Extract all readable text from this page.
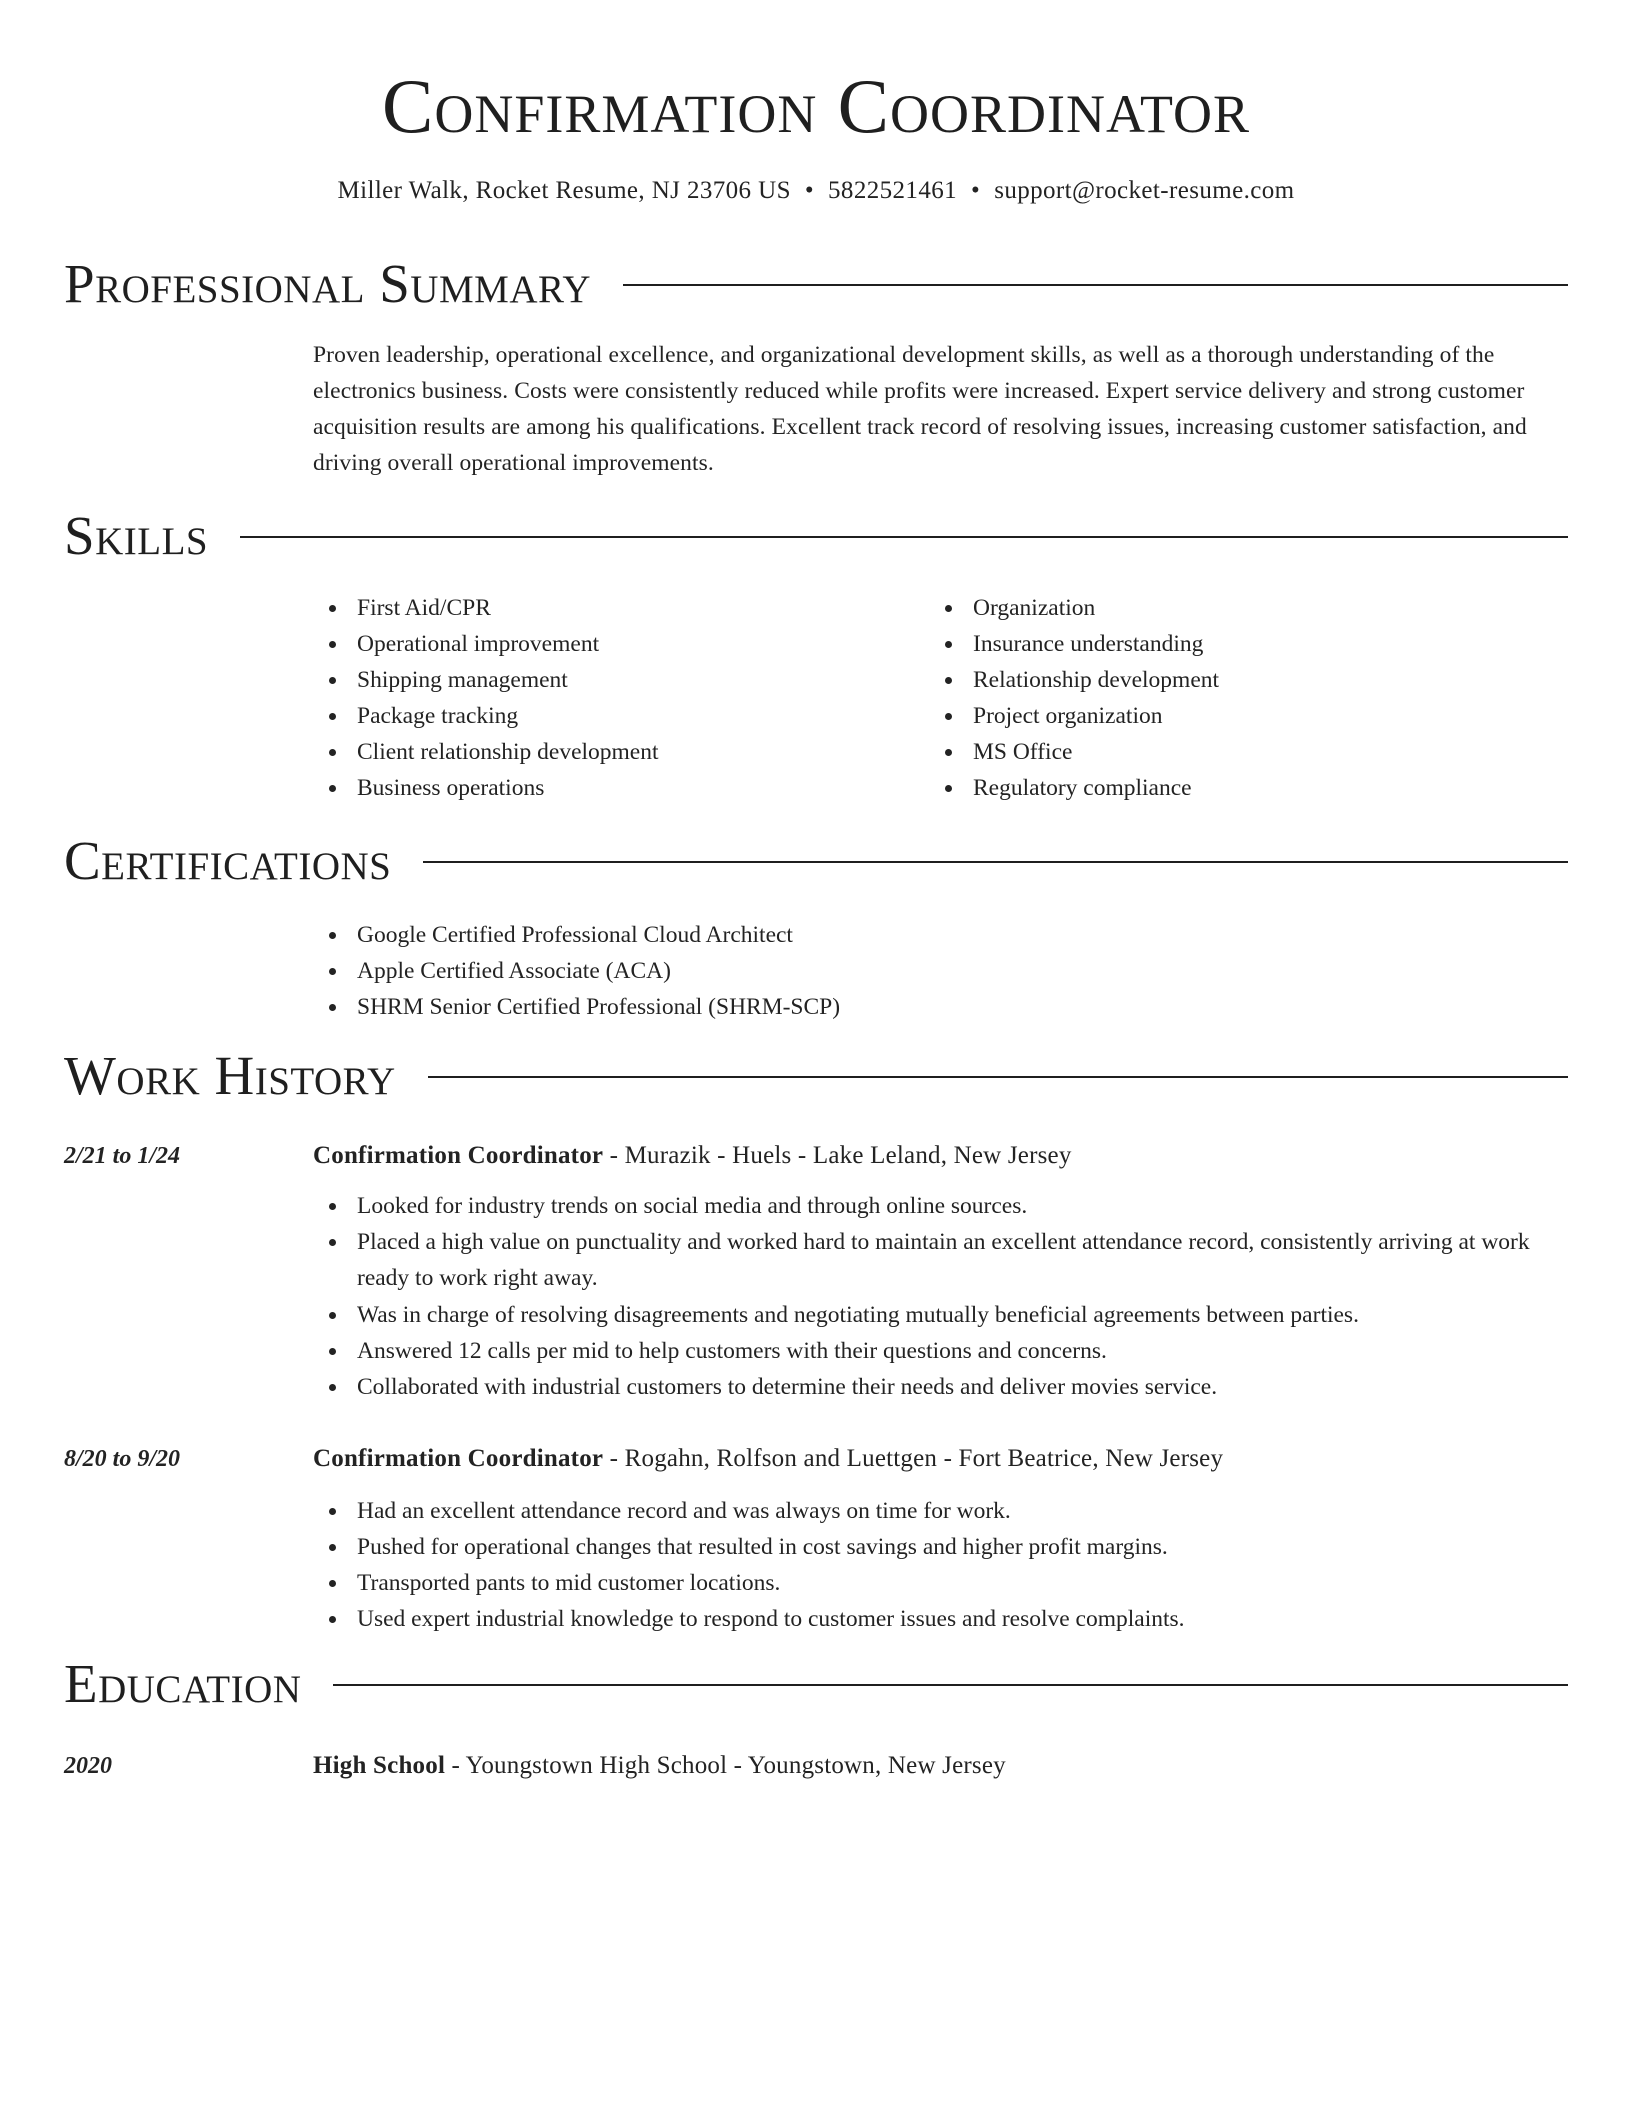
Confirmation Coordinator
Miller Walk, Rocket Resume, NJ 23706 US • 5822521461 • support@rocket-resume.com
Professional Summary

Proven leadership, operational excellence, and organizational development skills, as well as a thorough understanding of the electronics business. Costs were consistently reduced while profits were increased. Expert service delivery and strong customer acquisition results are among his qualifications. Excellent track record of resolving issues, increasing customer satisfaction, and driving overall operational improvements.

Skills
First Aid/CPR
Operational improvement
Shipping management
Package tracking
Client relationship development
Business operations
Organization
Insurance understanding
Relationship development
Project organization
MS Office
Regulatory compliance
Certifications
Google Certified Professional Cloud Architect
Apple Certified Associate (ACA)
SHRM Senior Certified Professional (SHRM-SCP)
Work History
2/21 to 1/24	Confirmation Coordinator - Murazik - Huels - Lake Leland, New Jersey
Looked for industry trends on social media and through online sources.
Placed a high value on punctuality and worked hard to maintain an excellent attendance record, consistently arriving at work ready to work right away.
Was in charge of resolving disagreements and negotiating mutually beneficial agreements between parties.
Answered 12 calls per mid to help customers with their questions and concerns.
Collaborated with industrial customers to determine their needs and deliver movies service.
8/20 to 9/20	Confirmation Coordinator - Rogahn, Rolfson and Luettgen - Fort Beatrice, New Jersey
Had an excellent attendance record and was always on time for work.
Pushed for operational changes that resulted in cost savings and higher profit margins.
Transported pants to mid customer locations.
Used expert industrial knowledge to respond to customer issues and resolve complaints.
Education
2020	High School - Youngstown High School - Youngstown, New Jersey
